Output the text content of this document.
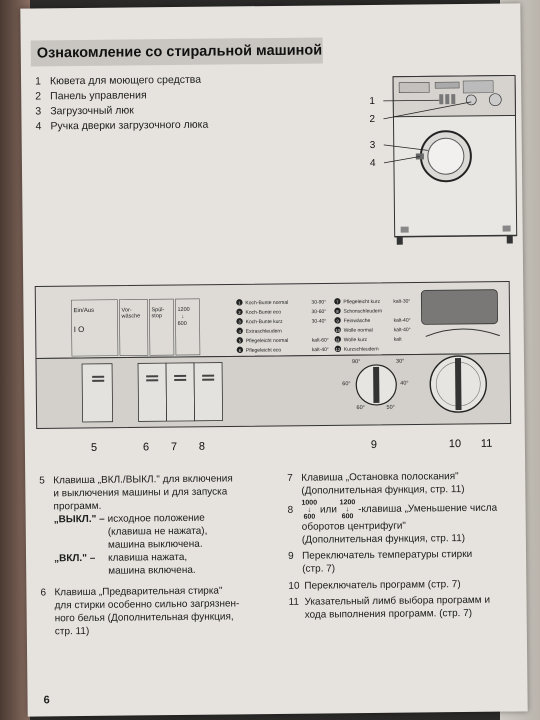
Ознакомление со стиральной машиной
1 Кювета для моющего средства
2 Панель управления
3 Загрузочный люк
4 Ручка дверки загрузочного люка
1
2
3
4
Ein/Aus
I O
Vor-wäsche
Spül-stop
1200
↓
600
1 Koch-Bunte normal	30-90°
2 Koch-Bunte eco	30-60°
3 Koch-Bunte kurz	30-40°
4 Extraschleudern
5 Pflegeleicht normal	kalt-60°
6 Pflegeleicht eco	kalt-40°
7 Pflegeleicht kurz	kalt-30°
8 Schonschleudern
9 Feinwäsche	kalt-40°
10 Wolle normal	kalt-40°
11 Wolle kurz	kalt
12 Kurzschleudern
90°	30°
60°	40°
60°	50°
5	6 7 8	9	10 11
5 Клавиша „ВКЛ./ВЫКЛ." для включения
и выключения машины и для запуска
программ.
„ВЫКЛ." – исходное положение
(клавиша не нажата),
машина выключена.
„ВКЛ." –	клавиша нажата,
машина включена.
6 Клавиша „Предварительная стирка"
для стирки особенно сильно загрязнен-
ного белья (Дополнительная функция,
стр. 11)
7 Клавиша „Остановка полоскания"
(Дополнительная функция, стр. 11)
8
1000
↓
600
или
1200
↓
600
-клавиша „Уменьшение числа
оборотов центрифуги"
(Дополнительная функция, стр. 11)
9 Переключатель температуры стирки
(стр. 7)
10 Переключатель программ (стр. 7)
11 Указательный лимб выбора программ и
хода выполнения программ. (стр. 7)
6
